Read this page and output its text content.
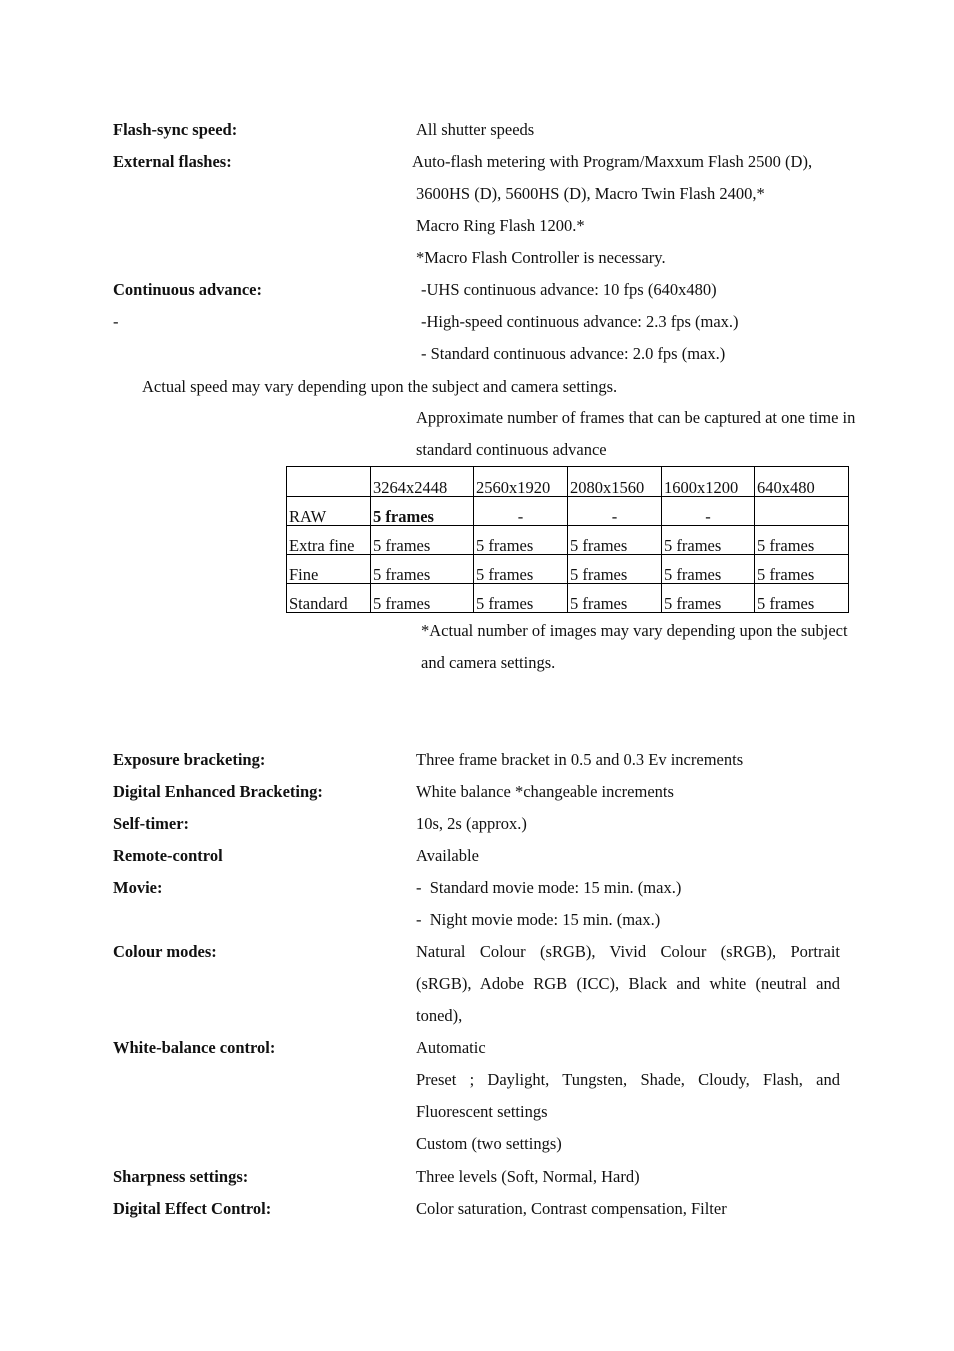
Flash-sync speed:	All shutter speeds
External flashes:	Auto-flash metering with Program/Maxxum Flash 2500 (D),
3600HS (D), 5600HS (D), Macro Twin Flash 2400,*
Macro Ring Flash 1200.*
*Macro Flash Controller is necessary.
Continuous advance:	-UHS continuous advance: 10 fps (640x480)
-	-High-speed continuous advance: 2.3 fps (max.)
- Standard continuous advance: 2.0 fps (max.)
Actual speed may vary depending upon the subject and camera settings.
Approximate number of frames that can be captured at one time in
standard continuous advance
	3264x2448	2560x1920	2080x1560	1600x1200	640x480
RAW	5 frames	-	-	-	
Extra fine	5 frames	5 frames	5 frames	5 frames	5 frames
Fine	5 frames	5 frames	5 frames	5 frames	5 frames
Standard	5 frames	5 frames	5 frames	5 frames	5 frames
*Actual number of images may vary depending upon the subject
and camera settings.
Exposure bracketing:	Three frame bracket in 0.5 and 0.3 Ev increments
Digital Enhanced Bracketing:	White balance *changeable increments
Self-timer:	10s, 2s (approx.)
Remote-control	Available
Movie:	-  Standard movie mode: 15 min. (max.)
-  Night movie mode: 15 min. (max.)
Colour modes:	Natural Colour (sRGB), Vivid Colour (sRGB), Portrait
(sRGB), Adobe RGB (ICC), Black and white (neutral and
toned),
White-balance control:	Automatic
Preset ; Daylight, Tungsten, Shade, Cloudy, Flash, and
Fluorescent settings
Custom (two settings)
Sharpness settings:	Three levels (Soft, Normal, Hard)
Digital Effect Control:	Color saturation, Contrast compensation, Filter
